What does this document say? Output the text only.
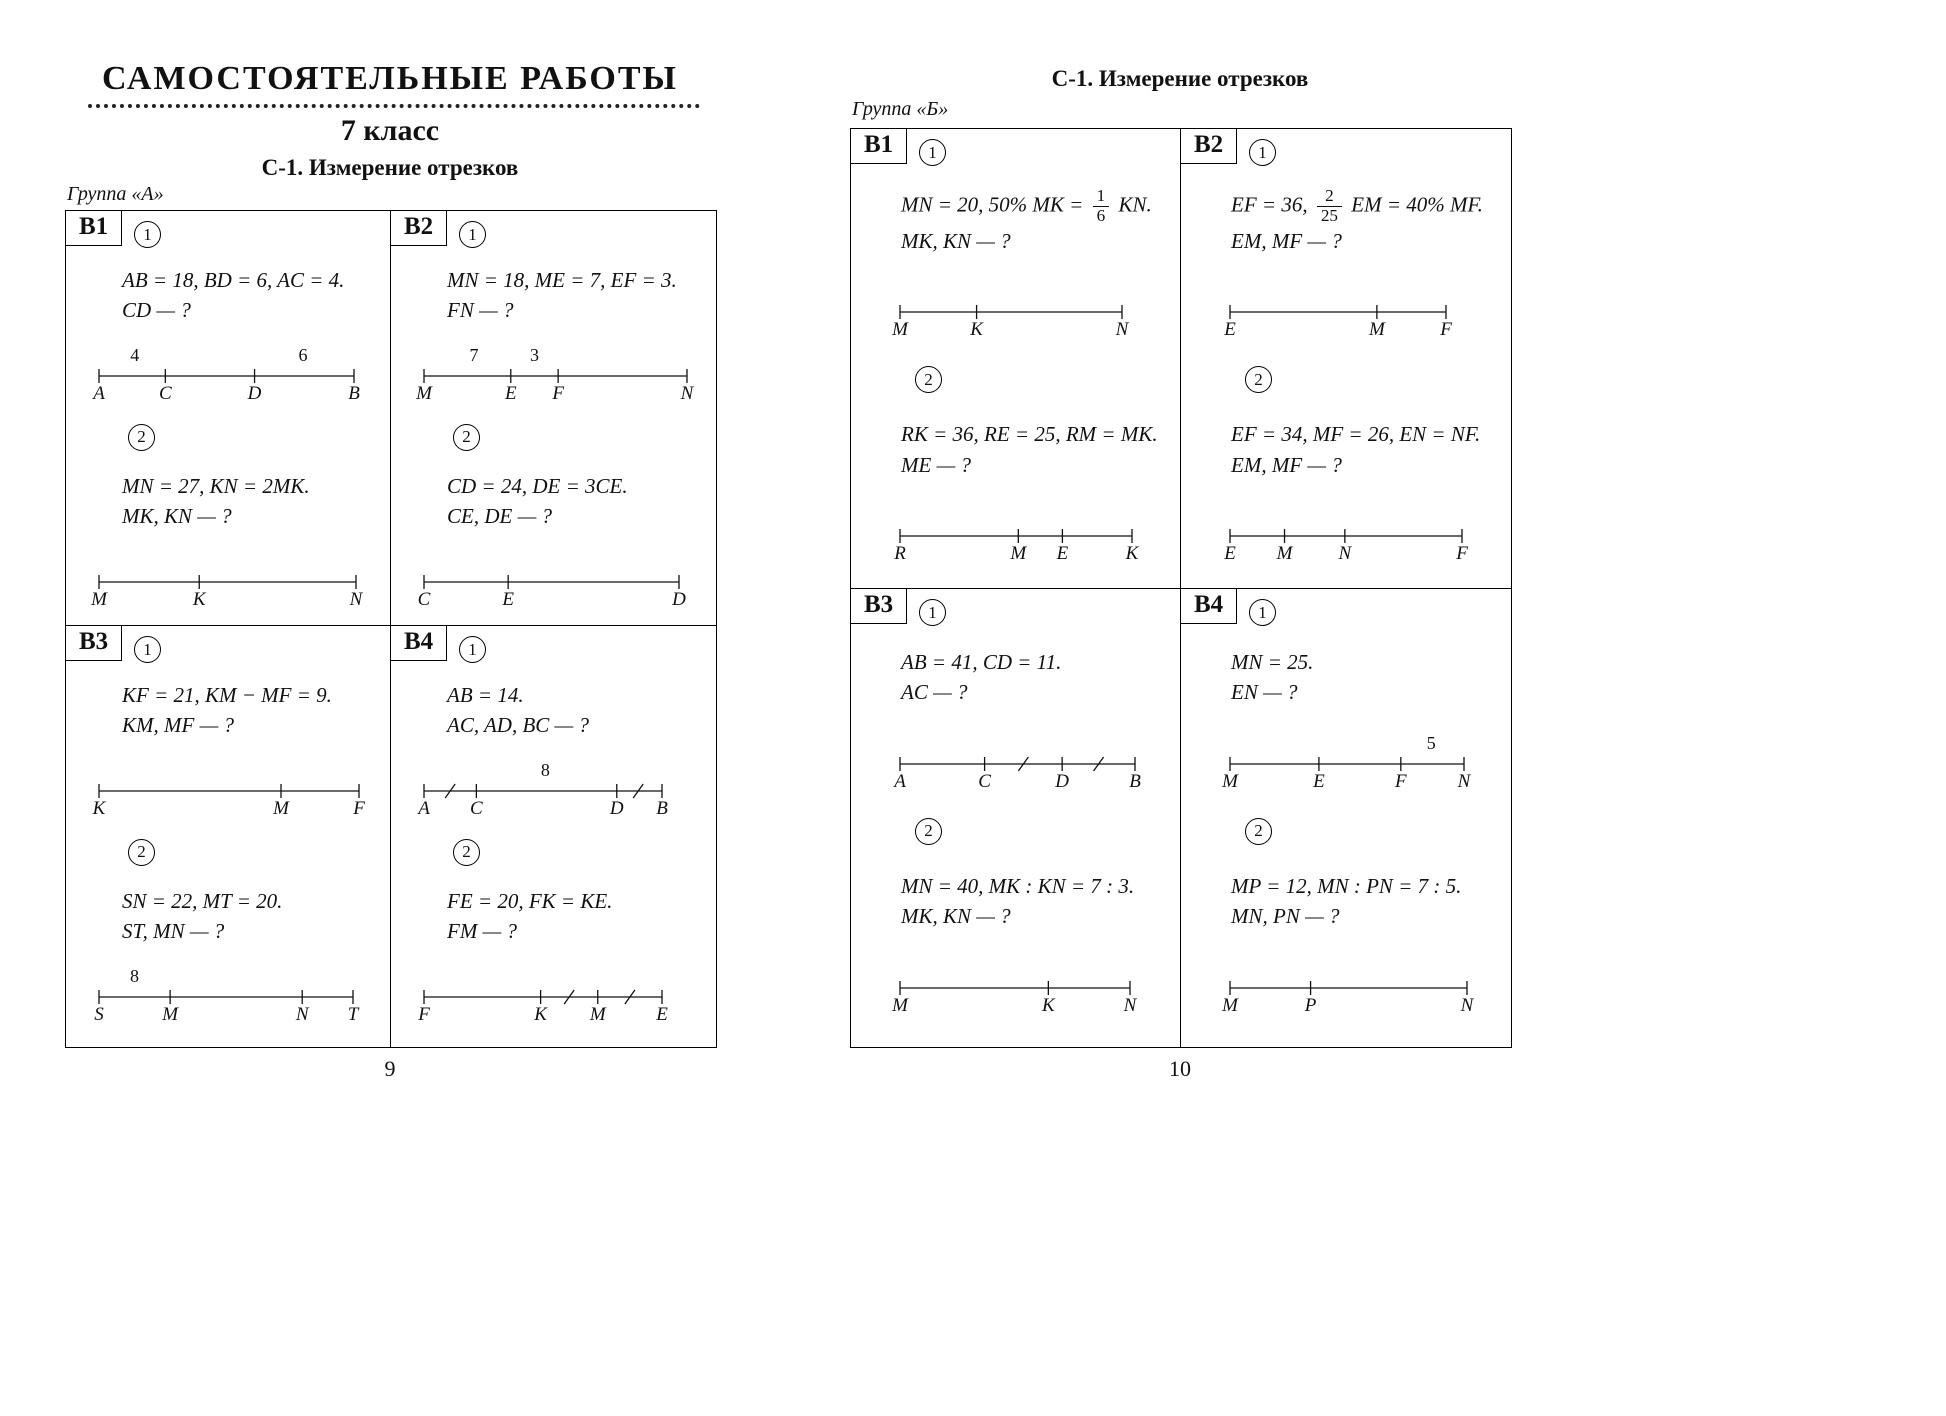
САМОСТОЯТЕЛЬНЫЕ РАБОТЫ
7 класс
С-1. Измерение отрезков
Группа «А»
С-1. Измерение отрезков
Группа «Б»
В1	1
AB = 18, BD = 6, AC = 4.
CD — ?
A	C	D	B
4	6
2
MN = 27, KN = 2MK.
MK, KN — ?
M	K	N
В2	1
MN = 18, ME = 7, EF = 3.
FN — ?
M	E F	N
7	3
2
CD = 24, DE = 3CE.
CE, DE — ?
C	E	D
В3	1
KF = 21, KM − MF = 9.
KM, MF — ?
K	M	F
2
SN = 22, MT = 20.
ST, MN — ?
S	M	N T
8
В4	1
AB = 14.
AC, AD, BC — ?
A C	D B
8
2
FE = 20, FK = KE.
FM — ?
F	K M	E
В1	1
MN = 20, 50% MK = $\frac{1}{6}$ KN.
MK, KN — ?
M	K	N
2
RK = 36, RE = 25, RM = MK.
ME — ?
R	M E	K
В2	1
EF = 36, $\frac{2}{25}$ EM = 40% MF.
EM, MF — ?
E	M	F
2
EF = 34, MF = 26, EN = NF.
EM, MF — ?
E M N	F
В3	1
AB = 41, CD = 11.
AC — ?
A	C	D	B
2
MN = 40, MK : KN = 7 : 3.
MK, KN — ?
M	K	N
В4	1
MN = 25.
EN — ?
M	E	F	N
5
2
MP = 12, MN : PN = 7 : 5.
MN, PN — ?
M	P	N
9	10
